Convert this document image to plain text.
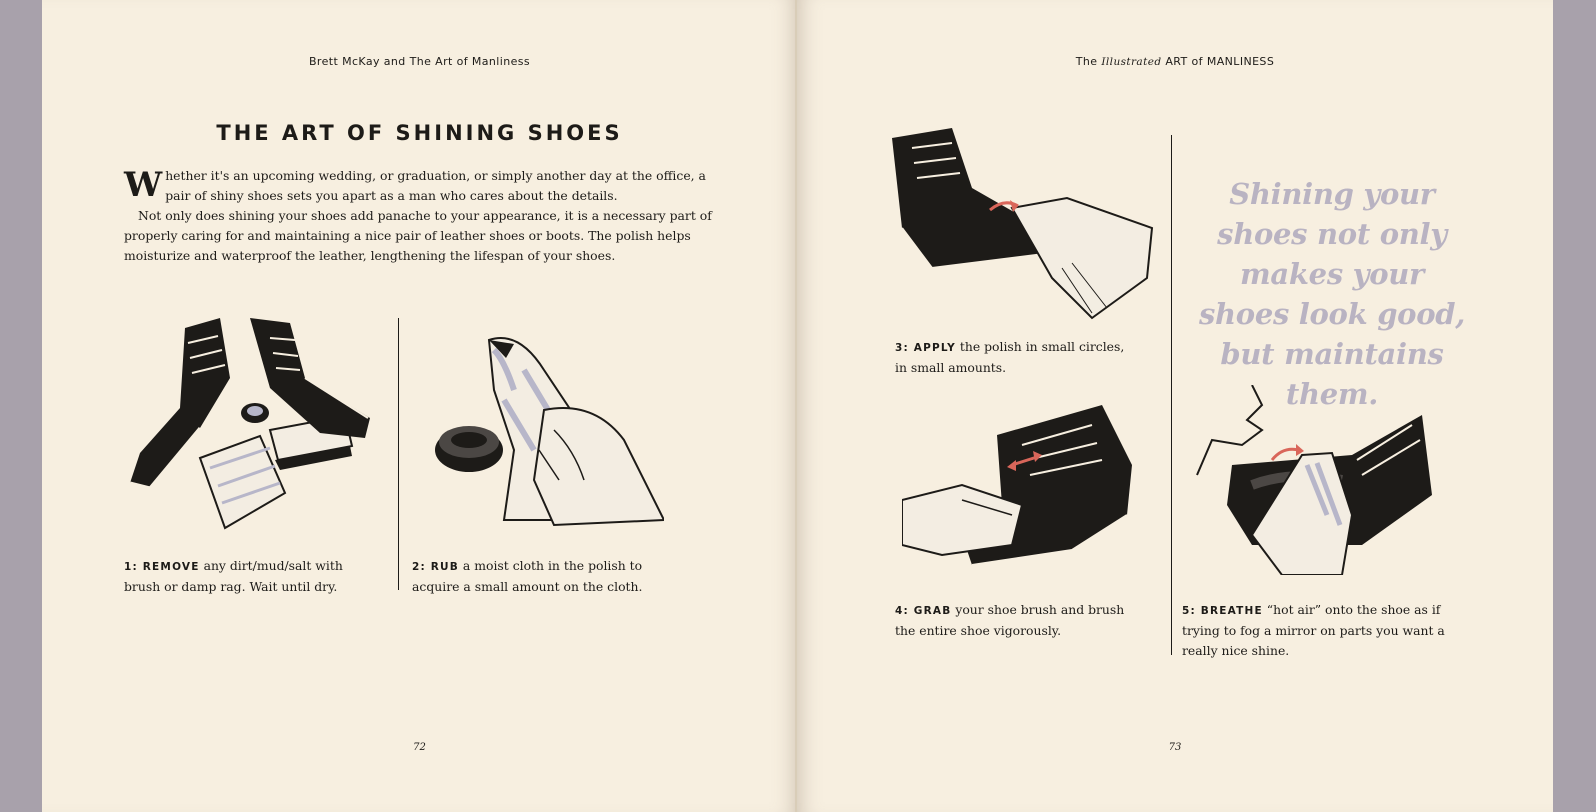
Brett McKay and The Art of Manliness
THE ART OF SHINING SHOES

Whether it's an upcoming wedding, or graduation, or simply another day at the office, a pair of shiny shoes sets you apart as a man who cares about the details.

Not only does shining your shoes add panache to your appearance, it is a necessary part of properly caring for and maintaining a nice pair of leather shoes or boots. The polish helps moisturize and waterproof the leather, lengthening the lifespan of your shoes.

1: REMOVE any dirt/mud/salt with brush or damp rag. Wait until dry.

2: RUB a moist cloth in the polish to acquire a small amount on the cloth.

72
The Illustrated ART of MANLINESS

3: APPLY the polish in small circles, in small amounts.

4: GRAB your shoe brush and brush the entire shoe vigorously.

Shining your shoes not only makes your shoes look good, but maintains them.

5: BREATHE “hot air” onto the shoe as if trying to fog a mirror on parts you want a really nice shine.

73
